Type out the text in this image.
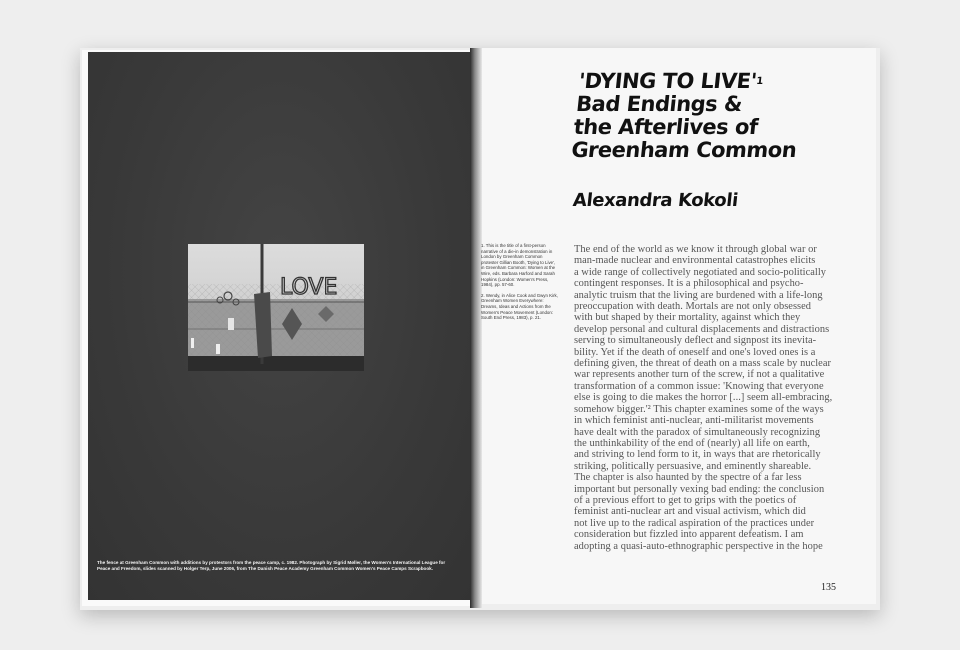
LOVE
The fence at Greenham Common with additions by protestors from the peace camp, c. 1982. Photograph by Sigrid Møller, the Women's International League for Peace and Freedom, slides scanned by Holger Terp, June 2006, from The Danish Peace Academy Greenham Common Women's Peace Camps Scrapbook.
'DYING TO $LIVE'^1$
Bad Endings &
the Afterlives of
Greenham Common
Alexandra Kokoli

1. This is the title of a first-person narrative of a die-in demonstration in London by Greenham Common protester Gillian Booth, 'Dying to Live', in Greenham Common: Women at the Wire, eds. Barbara Harford and Sarah Hopkins (London: Women's Press, 1984), pp. 57-60.

2. Wendy, in Alice Cook and Gwyn Kirk, Greenham Women Everywhere: Dreams, Ideas and Actions from the Women's Peace Movement (London: South End Press, 1983), p. 21.

The end of the world as we know it through global war or
man-made nuclear and environmental catastrophes elicits
a wide range of collectively negotiated and socio-politically
contingent responses. It is a philosophical and psycho-
analytic truism that the living are burdened with a life-long
preoccupation with death. Mortals are not only obsessed
with but shaped by their mortality, against which they
develop personal and cultural displacements and distractions
serving to simultaneously deflect and signpost its inevita-
bility. Yet if the death of oneself and one's loved ones is a
defining given, the threat of death on a mass scale by nuclear
war represents another turn of the screw, if not a qualitative
transformation of a common issue: 'Knowing that everyone
else is going to die makes the horror [...] seem all-embracing,
somehow bigger.'² This chapter examines some of the ways
in which feminist anti-nuclear, anti-militarist movements
have dealt with the paradox of simultaneously recognizing
the unthinkability of the end of (nearly) all life on earth,
and striving to lend form to it, in ways that are rhetorically
striking, politically persuasive, and eminently shareable.
The chapter is also haunted by the spectre of a far less
important but personally vexing bad ending: the conclusion
of a previous effort to get to grips with the poetics of
feminist anti-nuclear art and visual activism, which did
not live up to the radical aspiration of the practices under
consideration but fizzled into apparent defeatism. I am
adopting a quasi-auto-ethnographic perspective in the hope

135
